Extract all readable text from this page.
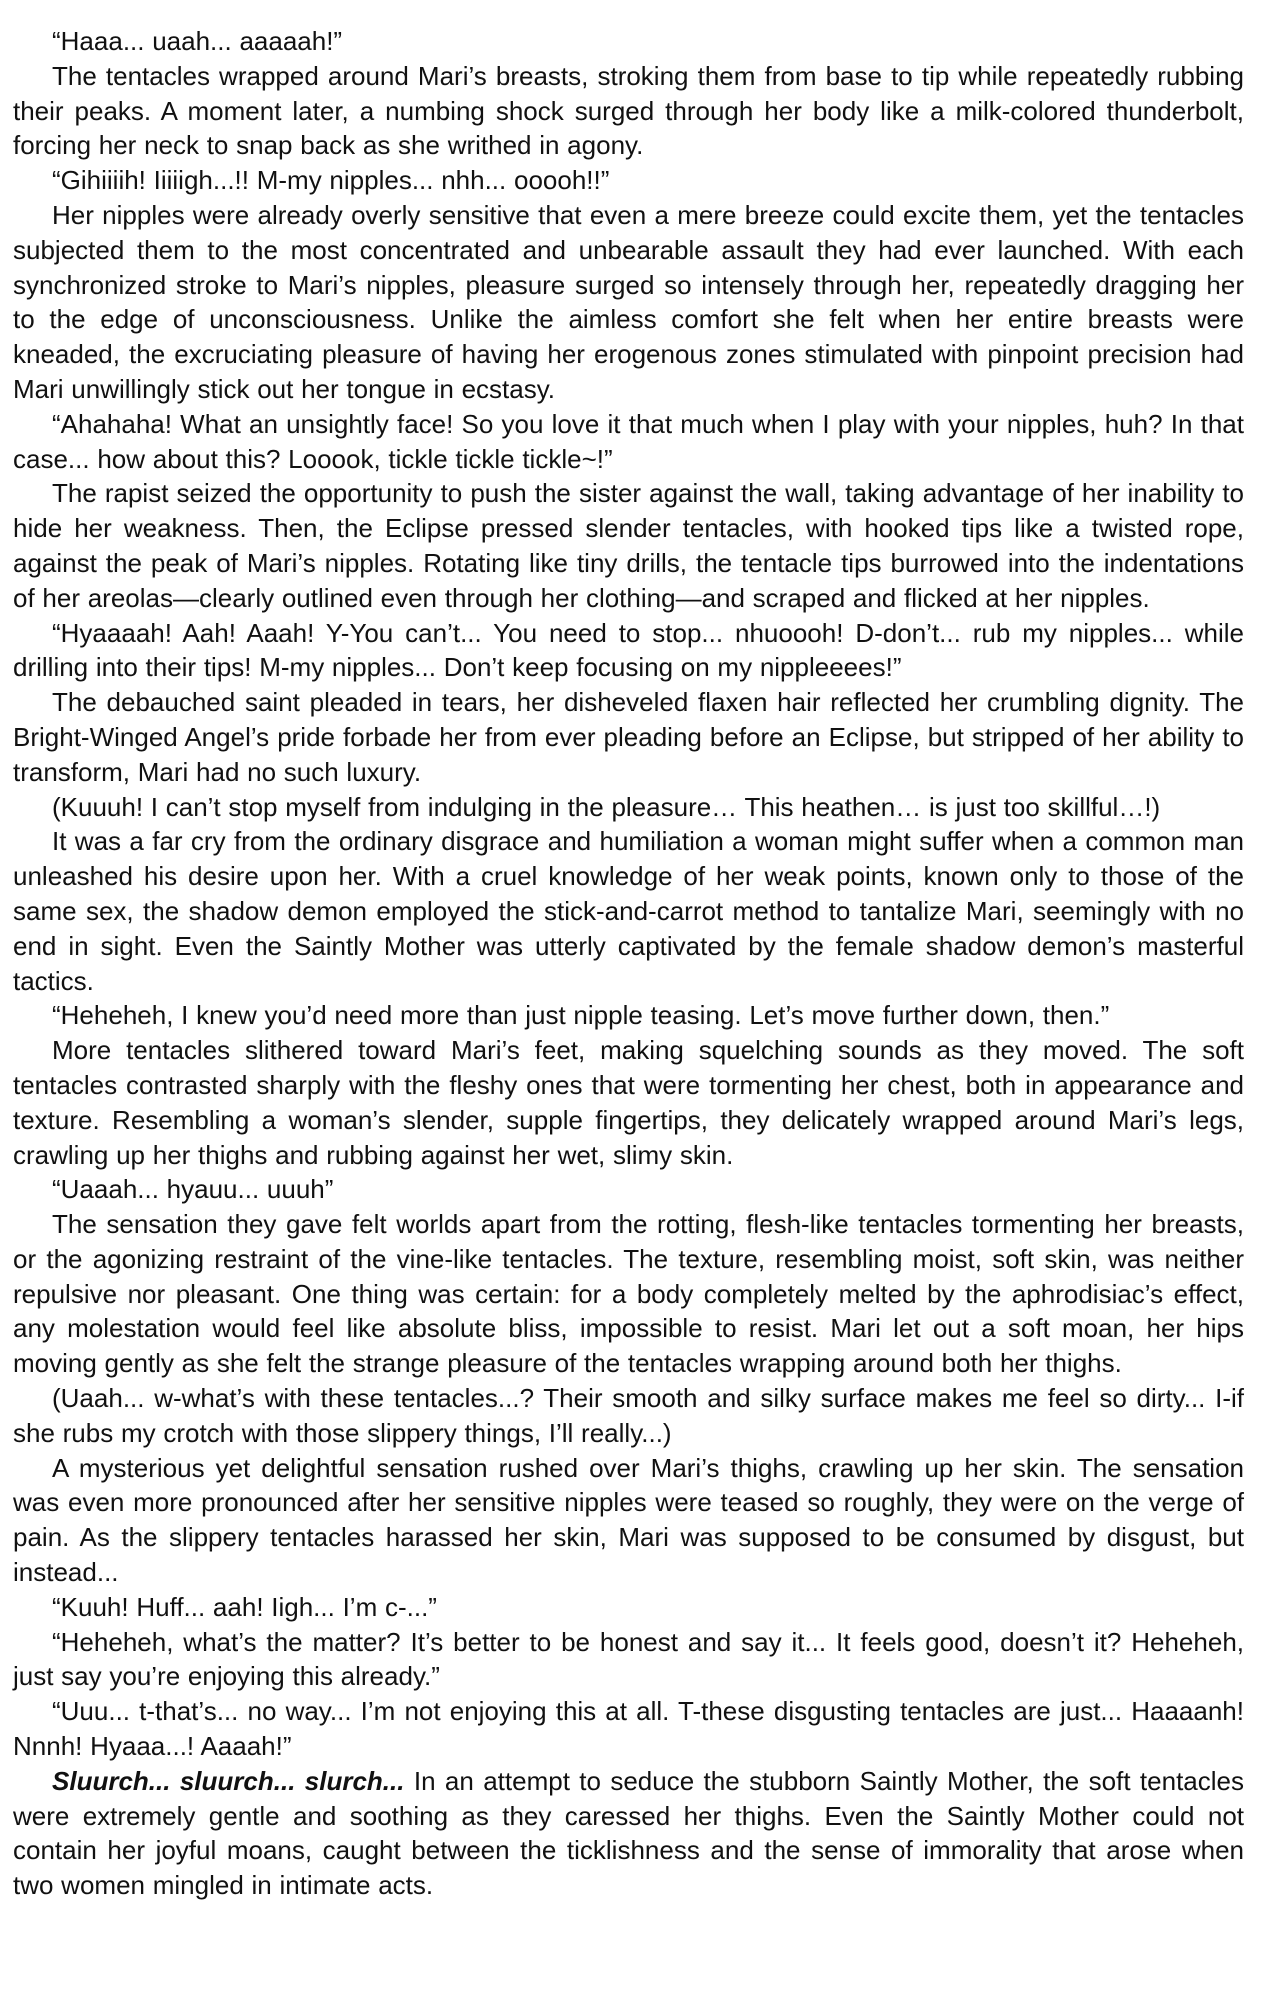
“Haaa... uaah... aaaaah!”

The tentacles wrapped around Mari’s breasts, stroking them from base to tip while repeatedly rubbing their peaks. A moment later, a numbing shock surged through her body like a milk-colored thunderbolt, forcing her neck to snap back as she writhed in agony.

“Gihiiiih! Iiiiigh...!! M-my nipples... nhh... ooooh!!”

Her nipples were already overly sensitive that even a mere breeze could excite them, yet the tentacles subjected them to the most concentrated and unbearable assault they had ever launched. With each synchronized stroke to Mari’s nipples, pleasure surged so intensely through her, repeatedly dragging her to the edge of unconsciousness. Unlike the aimless comfort she felt when her entire breasts were kneaded, the excruciating pleasure of having her erogenous zones stimulated with pinpoint precision had Mari unwillingly stick out her tongue in ecstasy.

“Ahahaha! What an unsightly face! So you love it that much when I play with your nipples, huh? In that case... how about this? Looook, tickle tickle tickle~!”

The rapist seized the opportunity to push the sister against the wall, taking advantage of her inability to hide her weakness. Then, the Eclipse pressed slender tentacles, with hooked tips like a twisted rope, against the peak of Mari’s nipples. Rotating like tiny drills, the tentacle tips burrowed into the indentations of her areolas—clearly outlined even through her clothing—and scraped and flicked at her nipples.

“Hyaaaah! Aah! Aaah! Y-You can’t... You need to stop... nhuoooh! D-don’t... rub my nipples... while drilling into their tips! M-my nipples... Don’t keep focusing on my nippleeees!”

The debauched saint pleaded in tears, her disheveled flaxen hair reflected her crumbling dignity. The Bright-Winged Angel’s pride forbade her from ever pleading before an Eclipse, but stripped of her ability to transform, Mari had no such luxury.

(Kuuuh! I can’t stop myself from indulging in the pleasure… This heathen… is just too skillful…!)

It was a far cry from the ordinary disgrace and humiliation a woman might suffer when a common man unleashed his desire upon her. With a cruel knowledge of her weak points, known only to those of the same sex, the shadow demon employed the stick-and-carrot method to tantalize Mari, seemingly with no end in sight. Even the Saintly Mother was utterly captivated by the female shadow demon’s masterful tactics.

“Heheheh, I knew you’d need more than just nipple teasing. Let’s move further down, then.”

More tentacles slithered toward Mari’s feet, making squelching sounds as they moved. The soft tentacles contrasted sharply with the fleshy ones that were tormenting her chest, both in appearance and texture. Resembling a woman’s slender, supple fingertips, they delicately wrapped around Mari’s legs, crawling up her thighs and rubbing against her wet, slimy skin.

“Uaaah... hyauu... uuuh”

The sensation they gave felt worlds apart from the rotting, flesh-like tentacles tormenting her breasts, or the agonizing restraint of the vine-like tentacles. The texture, resembling moist, soft skin, was neither repulsive nor pleasant. One thing was certain: for a body completely melted by the aphrodisiac’s effect, any molestation would feel like absolute bliss, impossible to resist. Mari let out a soft moan, her hips moving gently as she felt the strange pleasure of the tentacles wrapping around both her thighs.

(Uaah... w-what’s with these tentacles...? Their smooth and silky surface makes me feel so dirty... I-if she rubs my crotch with those slippery things, I’ll really...)

A mysterious yet delightful sensation rushed over Mari’s thighs, crawling up her skin. The sensation was even more pronounced after her sensitive nipples were teased so roughly, they were on the verge of pain. As the slippery tentacles harassed her skin, Mari was supposed to be consumed by disgust, but instead...

“Kuuh! Huff... aah! Iigh... I’m c-...”

“Heheheh, what’s the matter? It’s better to be honest and say it... It feels good, doesn’t it? Heheheh, just say you’re enjoying this already.”

“Uuu... t-that’s... no way... I’m not enjoying this at all. T-these disgusting tentacles are just... Haaaanh! Nnnh! Hyaaa...! Aaaah!”

Sluurch... sluurch... slurch... In an attempt to seduce the stubborn Saintly Mother, the soft tentacles were extremely gentle and soothing as they caressed her thighs. Even the Saintly Mother could not contain her joyful moans, caught between the ticklishness and the sense of immorality that arose when two women mingled in intimate acts.
